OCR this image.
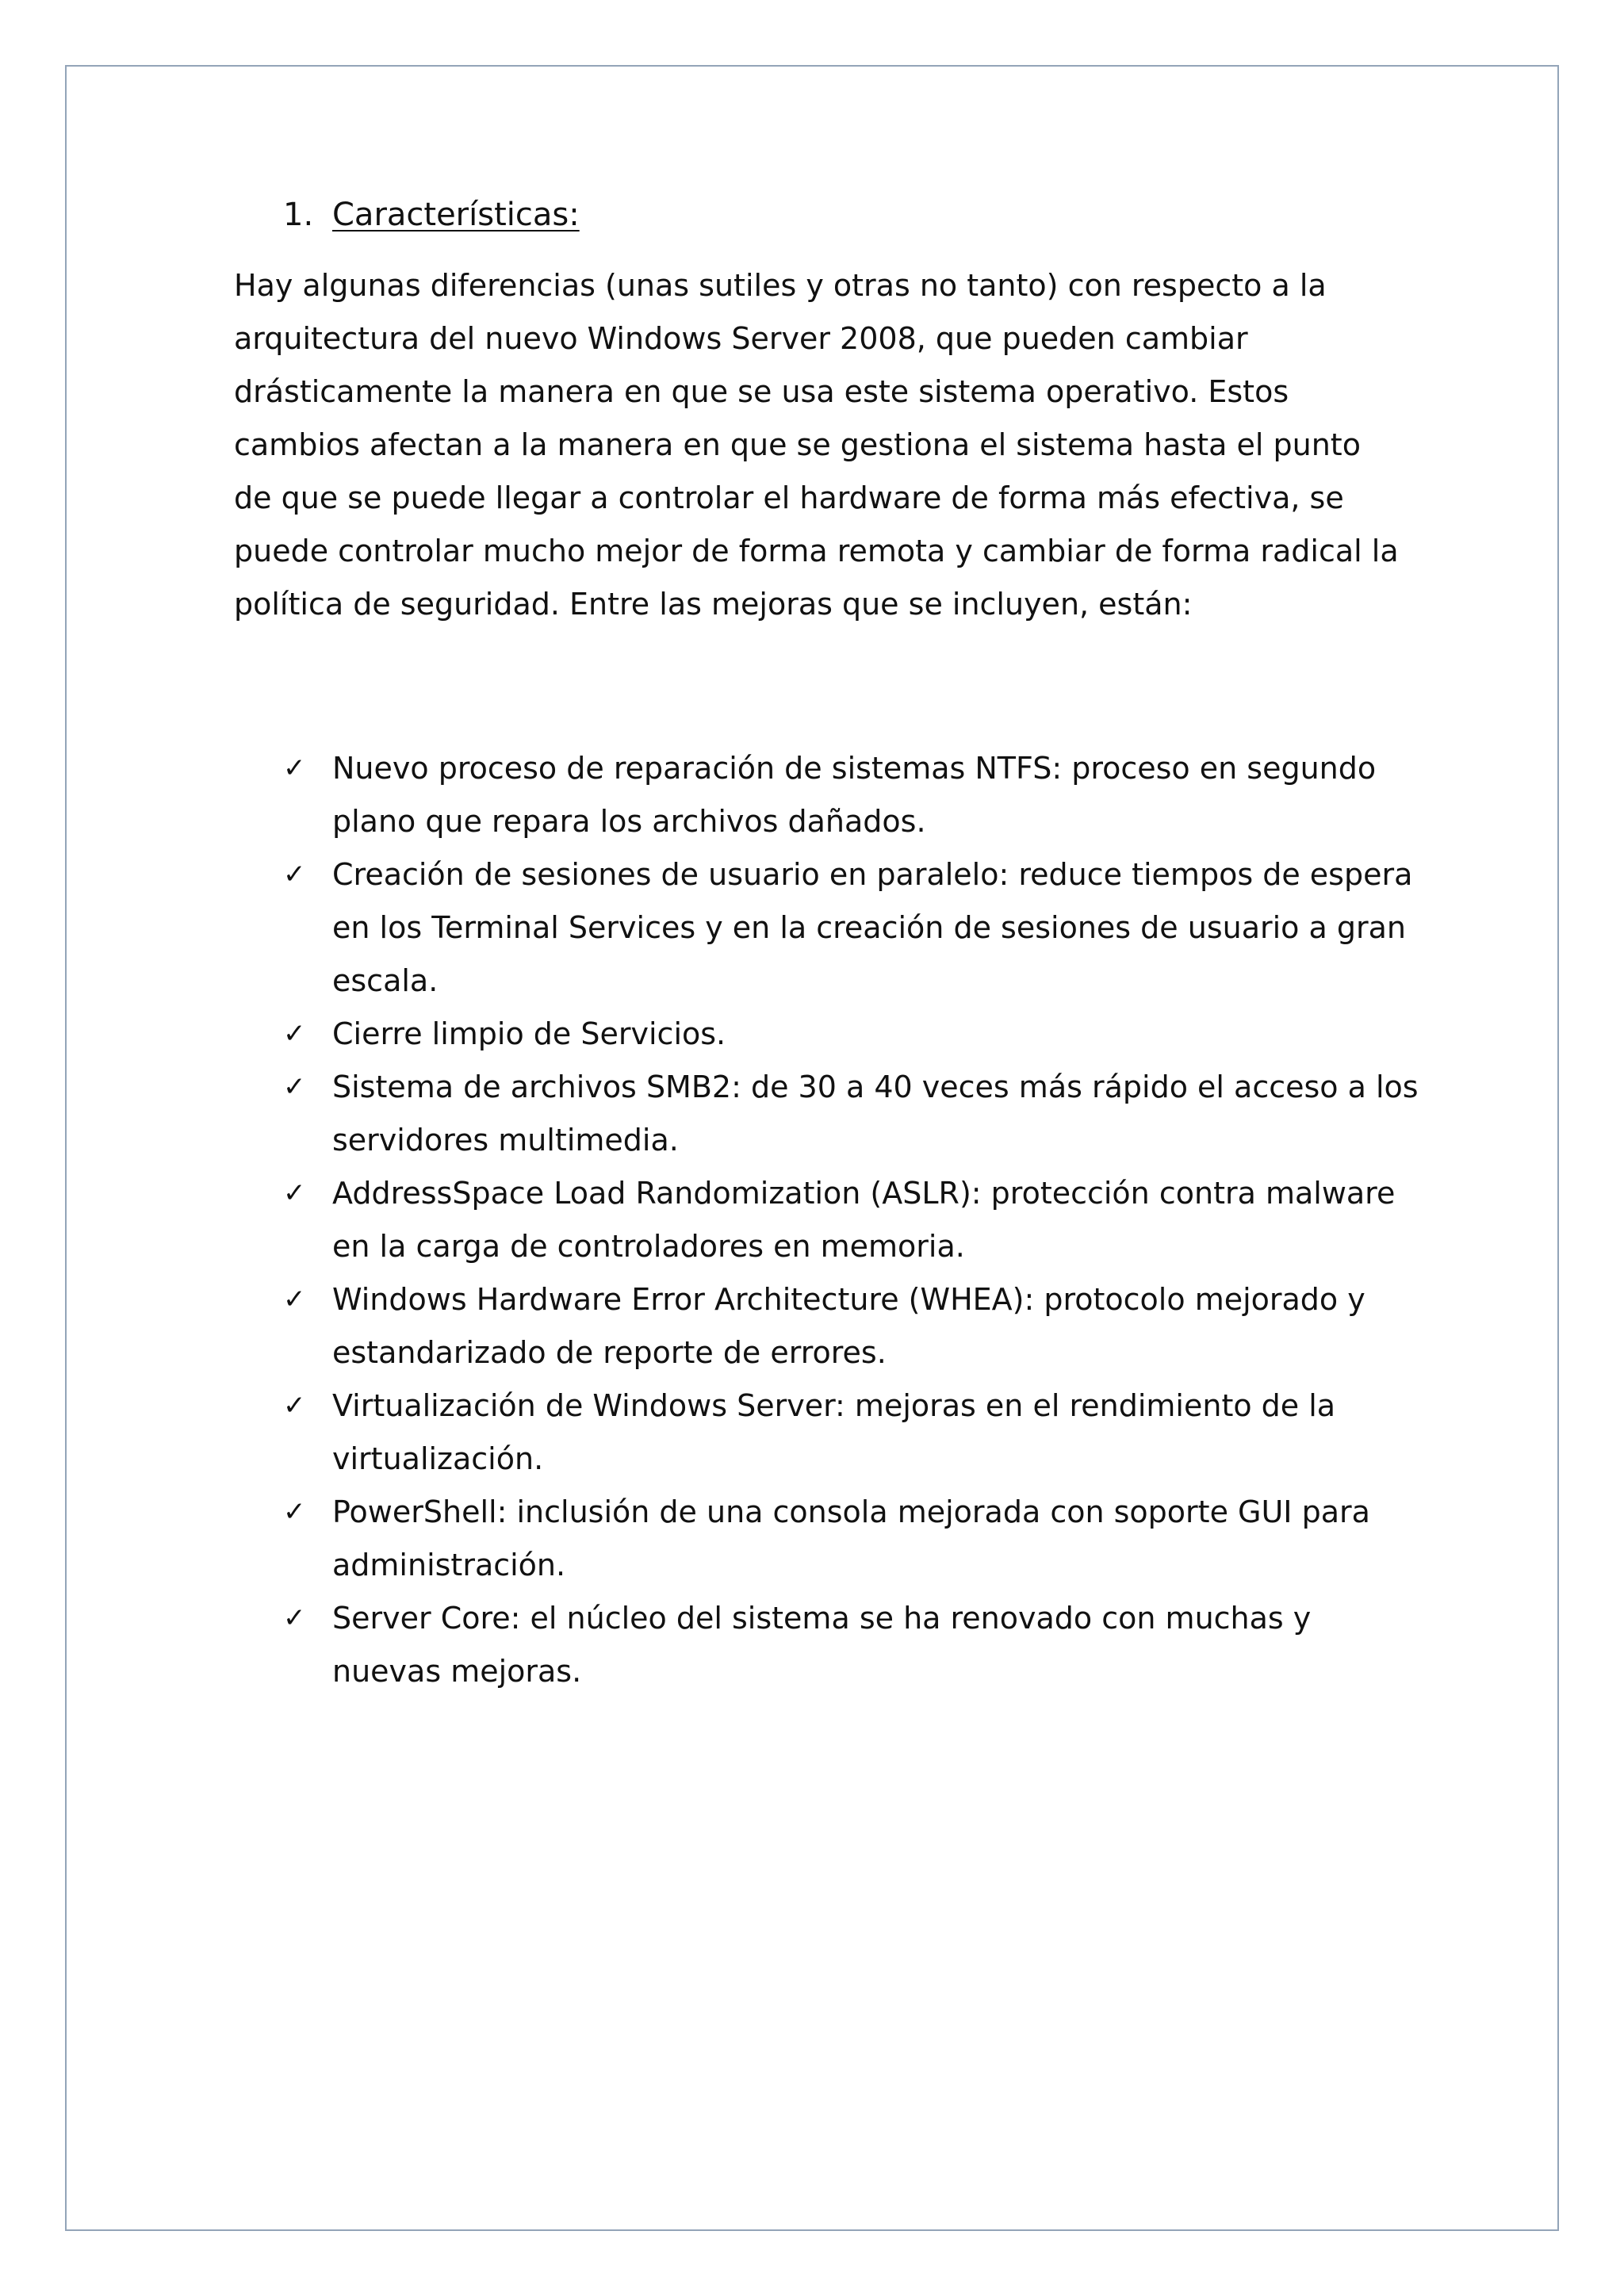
1. Características:

Hay algunas diferencias (unas sutiles y otras no tanto) con respecto a la arquitectura del nuevo Windows Server 2008, que pueden cambiar drásticamente la manera en que se usa este sistema operativo. Estos cambios afectan a la manera en que se gestiona el sistema hasta el punto de que se puede llegar a controlar el hardware de forma más efectiva, se puede controlar mucho mejor de forma remota y cambiar de forma radical la política de seguridad. Entre las mejoras que se incluyen, están:

✓ Nuevo proceso de reparación de sistemas NTFS: proceso en segundo plano que repara los archivos dañados.
✓ Creación de sesiones de usuario en paralelo: reduce tiempos de espera en los Terminal Services y en la creación de sesiones de usuario a gran escala.
✓ Cierre limpio de Servicios.
✓ Sistema de archivos SMB2: de 30 a 40 veces más rápido el acceso a los servidores multimedia.
✓ AddressSpace Load Randomization (ASLR): protección contra malware en la carga de controladores en memoria.
✓ Windows Hardware Error Architecture (WHEA): protocolo mejorado y estandarizado de reporte de errores.
✓ Virtualización de Windows Server: mejoras en el rendimiento de la virtualización.
✓ PowerShell: inclusión de una consola mejorada con soporte GUI para administración.
✓ Server Core: el núcleo del sistema se ha renovado con muchas y nuevas mejoras.
